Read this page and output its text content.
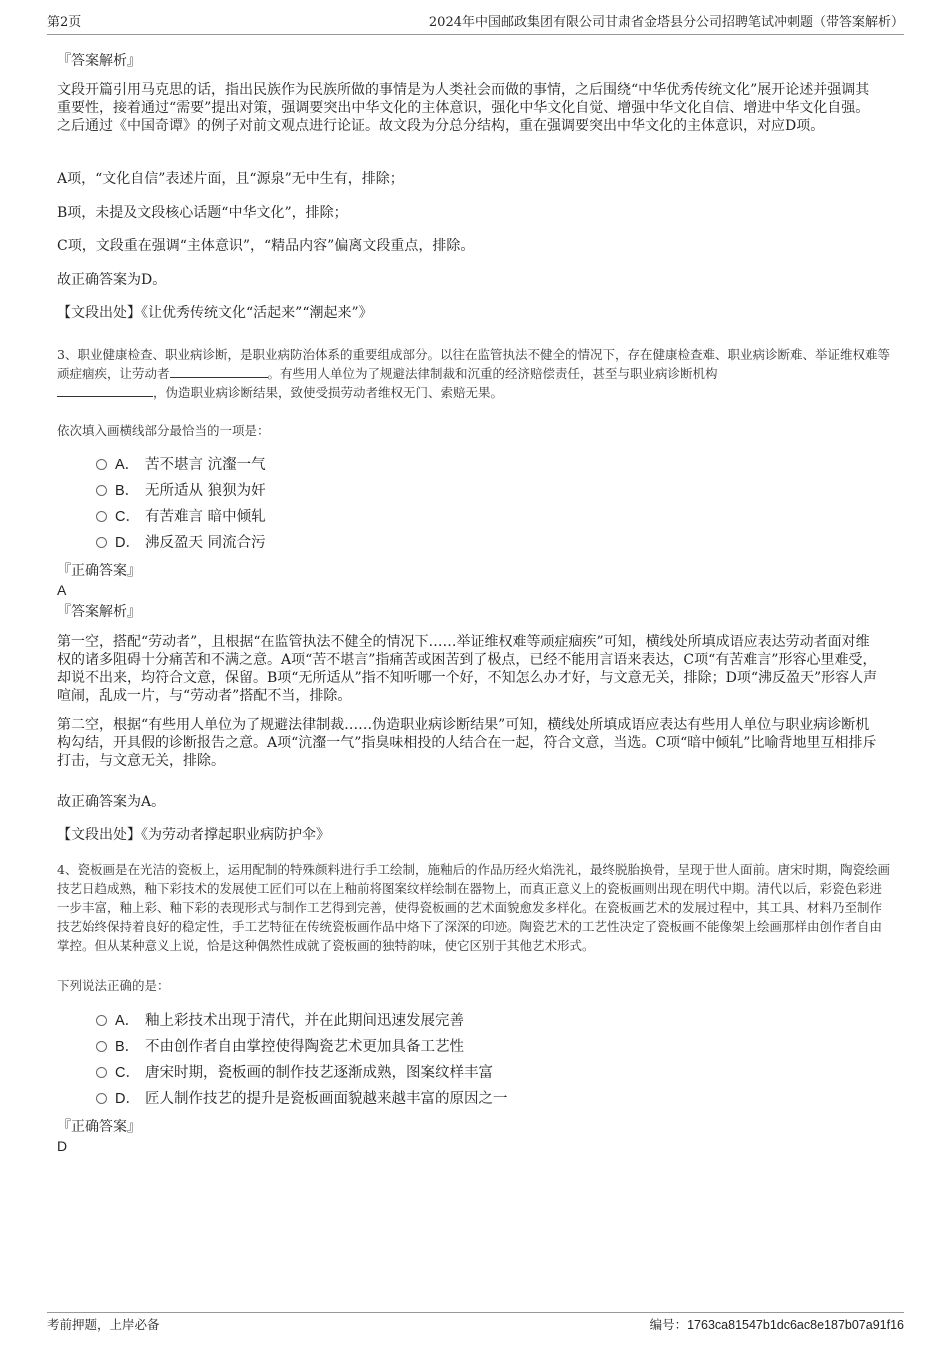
第2页	2024年中国邮政集团有限公司甘肃省金塔县分公司招聘笔试冲刺题（带答案解析）
『答案解析』
文段开篇引用马克思的话，指出民族作为民族所做的事情是为人类社会而做的事情，之后围绕“中华优秀传统文化”展开论述并强调其重要性，接着通过“需要”提出对策，强调要突出中华文化的主体意识，强化中华文化自觉、增强中华文化自信、增进中华文化自强。之后通过《中国奇谭》的例子对前文观点进行论证。故文段为分总分结构，重在强调要突出中华文化的主体意识，对应D项。
A项，“文化自信”表述片面，且“源泉”无中生有，排除；
B项，未提及文段核心话题“中华文化”，排除；
C项，文段重在强调“主体意识”，“精品内容”偏离文段重点，排除。
故正确答案为D。
【文段出处】《让优秀传统文化“活起来”“潮起来”》
3、职业健康检查、职业病诊断，是职业病防治体系的重要组成部分。以往在监管执法不健全的情况下，存在健康检查难、职业病诊断难、举证维权难等顽症痼疾，让劳动者	。有些用人单位为了规避法律制裁和沉重的经济赔偿责任，甚至与职业病诊断机构
，伪造职业病诊断结果，致使受损劳动者维权无门、索赔无果。
依次填入画横线部分最恰当的一项是：
A． 苦不堪言 沆瀣一气
B． 无所适从 狼狈为奸
C． 有苦难言 暗中倾轧
D． 沸反盈天 同流合污
『正确答案』
A
『答案解析』
第一空，搭配“劳动者”，且根据“在监管执法不健全的情况下……举证维权难等顽症痼疾”可知，横线处所填成语应表达劳动者面对维权的诸多阻碍十分痛苦和不满之意。A项“苦不堪言”指痛苦或困苦到了极点，已经不能用言语来表达，C项“有苦难言”形容心里难受，却说不出来，均符合文意，保留。B项“无所适从”指不知听哪一个好，不知怎么办才好，与文意无关，排除；D项“沸反盈天”形容人声喧闹，乱成一片，与“劳动者”搭配不当，排除。
第二空，根据“有些用人单位为了规避法律制裁……伪造职业病诊断结果”可知，横线处所填成语应表达有些用人单位与职业病诊断机构勾结，开具假的诊断报告之意。A项“沆瀣一气”指臭味相投的人结合在一起，符合文意，当选。C项“暗中倾轧”比喻背地里互相排斥打击，与文意无关，排除。
故正确答案为A。
【文段出处】《为劳动者撑起职业病防护伞》
4、瓷板画是在光洁的瓷板上，运用配制的特殊颜料进行手工绘制，施釉后的作品历经火焰洗礼，最终脱胎换骨，呈现于世人面前。唐宋时期，陶瓷绘画技艺日趋成熟，釉下彩技术的发展使工匠们可以在上釉前将图案纹样绘制在器物上，而真正意义上的瓷板画则出现在明代中期。清代以后，彩瓷色彩进一步丰富，釉上彩、釉下彩的表现形式与制作工艺得到完善，使得瓷板画的艺术面貌愈发多样化。在瓷板画艺术的发展过程中，其工具、材料乃至制作技艺始终保持着良好的稳定性，手工艺特征在传统瓷板画作品中烙下了深深的印迹。陶瓷艺术的工艺性决定了瓷板画不能像架上绘画那样由创作者自由掌控。但从某种意义上说，恰是这种偶然性成就了瓷板画的独特韵味，使它区别于其他艺术形式。
下列说法正确的是：
A． 釉上彩技术出现于清代，并在此期间迅速发展完善
B． 不由创作者自由掌控使得陶瓷艺术更加具备工艺性
C． 唐宋时期，瓷板画的制作技艺逐渐成熟，图案纹样丰富
D． 匠人制作技艺的提升是瓷板画面貌越来越丰富的原因之一
『正确答案』
D
考前押题，上岸必备	编号：1763ca81547b1dc6ac8e187b07a91f16
